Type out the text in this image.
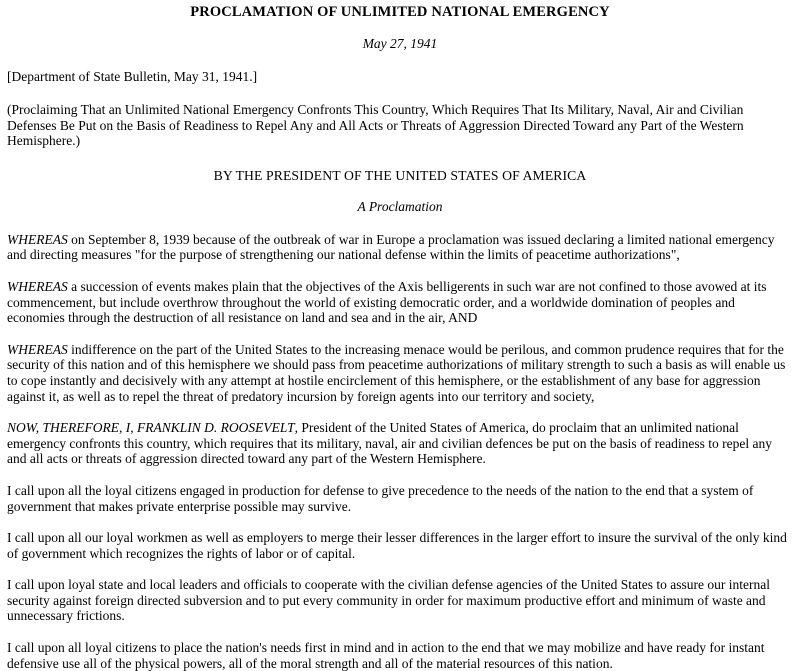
PROCLAMATION OF UNLIMITED NATIONAL EMERGENCY

May 27, 1941

[Department of State Bulletin, May 31, 1941.]

(Proclaiming That an Unlimited National Emergency Confronts This Country, Which Requires That Its Military, Naval, Air and Civilian Defenses Be Put on the Basis of Readiness to Repel Any and All Acts or Threats of Aggression Directed Toward any Part of the Western Hemisphere.)

BY THE PRESIDENT OF THE UNITED STATES OF AMERICA

A Proclamation

WHEREAS on September 8, 1939 because of the outbreak of war in Europe a proclamation was issued declaring a limited national emergency and directing measures "for the purpose of strengthening our national defense within the limits of peacetime authorizations",

WHEREAS a succession of events makes plain that the objectives of the Axis belligerents in such war are not confined to those avowed at its commencement, but include overthrow throughout the world of existing democratic order, and a worldwide domination of peoples and economies through the destruction of all resistance on land and sea and in the air, AND

WHEREAS indifference on the part of the United States to the increasing menace would be perilous, and common prudence requires that for the security of this nation and of this hemisphere we should pass from peacetime authorizations of military strength to such a basis as will enable us to cope instantly and decisively with any attempt at hostile encirclement of this hemisphere, or the establishment of any base for aggression against it, as well as to repel the threat of predatory incursion by foreign agents into our territory and society,

NOW, THEREFORE, I, FRANKLIN D. ROOSEVELT, President of the United States of America, do proclaim that an unlimited national emergency confronts this country, which requires that its military, naval, air and civilian defences be put on the basis of readiness to repel any and all acts or threats of aggression directed toward any part of the Western Hemisphere.

I call upon all the loyal citizens engaged in production for defense to give precedence to the needs of the nation to the end that a system of government that makes private enterprise possible may survive.

I call upon all our loyal workmen as well as employers to merge their lesser differences in the larger effort to insure the survival of the only kind of government which recognizes the rights of labor or of capital.

I call upon loyal state and local leaders and officials to cooperate with the civilian defense agencies of the United States to assure our internal security against foreign directed subversion and to put every community in order for maximum productive effort and minimum of waste and unnecessary frictions.

I call upon all loyal citizens to place the nation's needs first in mind and in action to the end that we may mobilize and have ready for instant defensive use all of the physical powers, all of the moral strength and all of the material resources of this nation.
